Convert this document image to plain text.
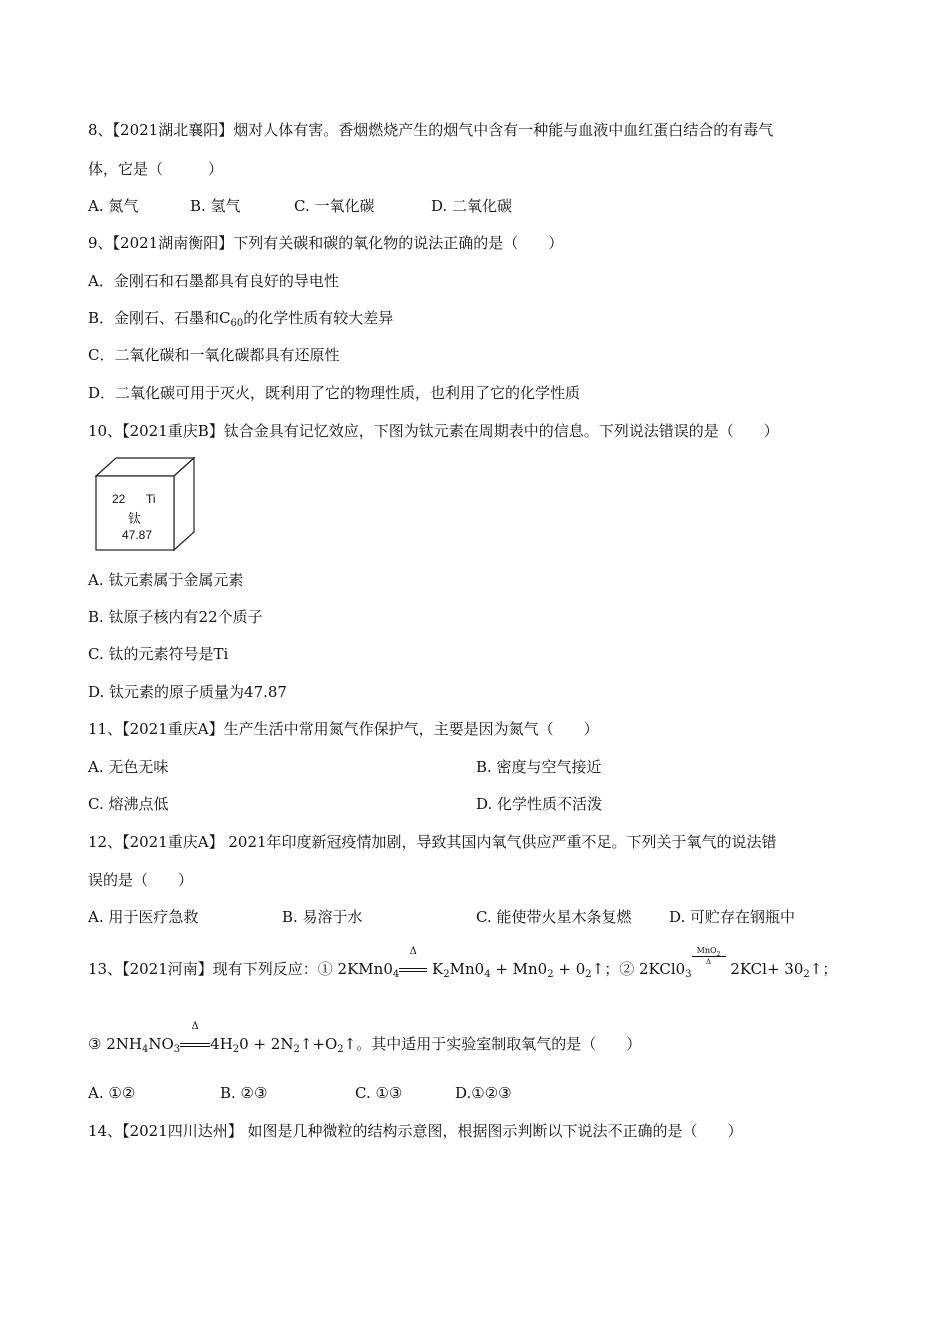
8、【2021湖北襄阳】烟对人体有害。香烟燃烧产生的烟气中含有一种能与血液中血红蛋白结合的有毒气
体，它是（　　　）
A. 氮气	B. 氢气	C. 一氧化碳	D. 二氧化碳
9、【2021湖南衡阳】下列有关碳和碳的氧化物的说法正确的是（　　）
A．金刚石和石墨都具有良好的导电性
B．金刚石、石墨和$C_{60}$的化学性质有较大差异
C．二氧化碳和一氧化碳都具有还原性
D．二氧化碳可用于灭火，既利用了它的物理性质，也利用了它的化学性质
10、【2021重庆B】钛合金具有记忆效应，下图为钛元素在周期表中的信息。下列说法错误的是（　　）
22 Ti
钛
47.87
A. 钛元素属于金属元素
B. 钛原子核内有22个质子
C. 钛的元素符号是Ti
D. 钛元素的原子质量为47.87
11、【2021重庆A】生产生活中常用氮气作保护气，主要是因为氮气（　　）
A. 无色无味	B. 密度与空气接近
C. 熔沸点低	D. 化学性质不活泼
12、【2021重庆A】 2021年印度新冠疫情加剧，导致其国内氧气供应严重不足。下列关于氧气的说法错
误的是（　　）
A. 用于医疗急救	B. 易溶于水	C. 能使带火星木条复燃	D. 可贮存在钢瓶中
13、【2021河南】现有下列反应：① $2KMn0_4$
Δ
$K_2Mn0_4 + Mn0_2$ + $0_2↑$；② $2KCl0_3$
MnO$_2$
Δ	$2KCl+ 30_2↑$；
③ $2NH_4NO_3$
Δ
$4H_20$ + $2N_2↑+O_2↑$。其中适用于实验室制取氧气的是（　　）
A. ①②	B. ②③	C. ①③	D.①②③
14、【2021四川达州】 如图是几种微粒的结构示意图，根据图示判断以下说法不正确的是（　　）
